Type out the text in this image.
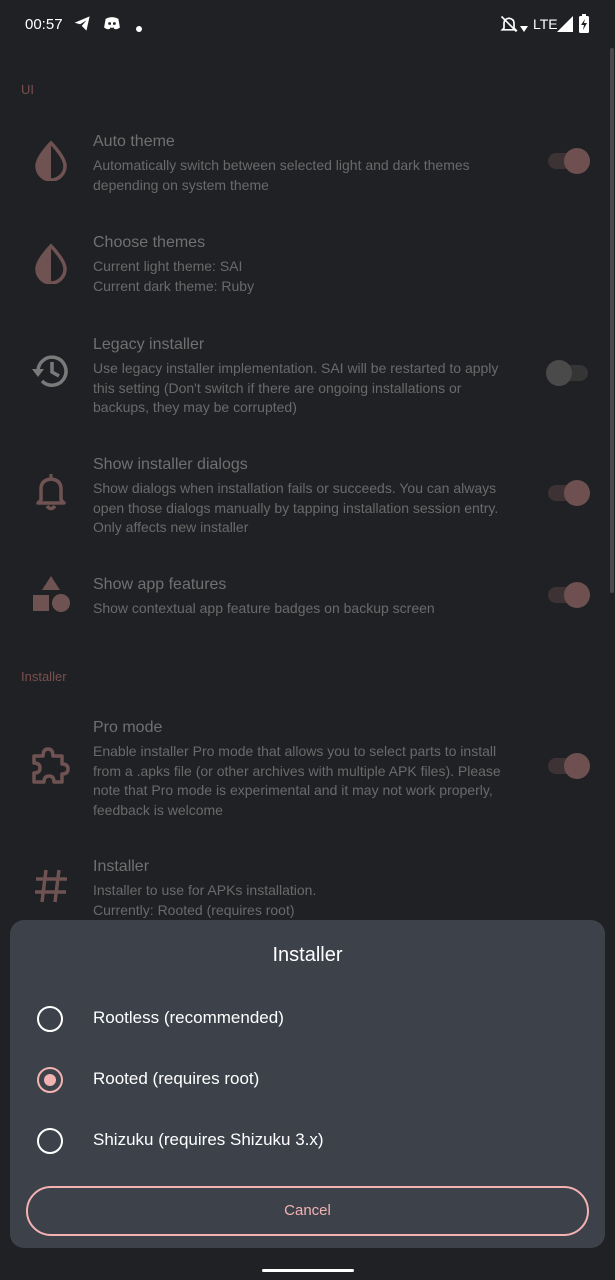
00:57	LTE
UI
Auto theme
Automatically switch between selected light and dark themes
depending on system theme
Choose themes
Current light theme: SAI
Current dark theme: Ruby
Legacy installer
Use legacy installer implementation. SAI will be restarted to apply
this setting (Don't switch if there are ongoing installations or
backups, they may be corrupted)
Show installer dialogs
Show dialogs when installation fails or succeeds. You can always
open those dialogs manually by tapping installation session entry.
Only affects new installer
Show app features
Show contextual app feature badges on backup screen
Installer
Pro mode
Enable installer Pro mode that allows you to select parts to install
from a .apks file (or other archives with multiple APK files). Please
note that Pro mode is experimental and it may not work properly,
feedback is welcome
Installer
Installer to use for APKs installation.
Currently: Rooted (requires root)
Installer
Rootless (recommended)
Rooted (requires root)
Shizuku (requires Shizuku 3.x)
Cancel
